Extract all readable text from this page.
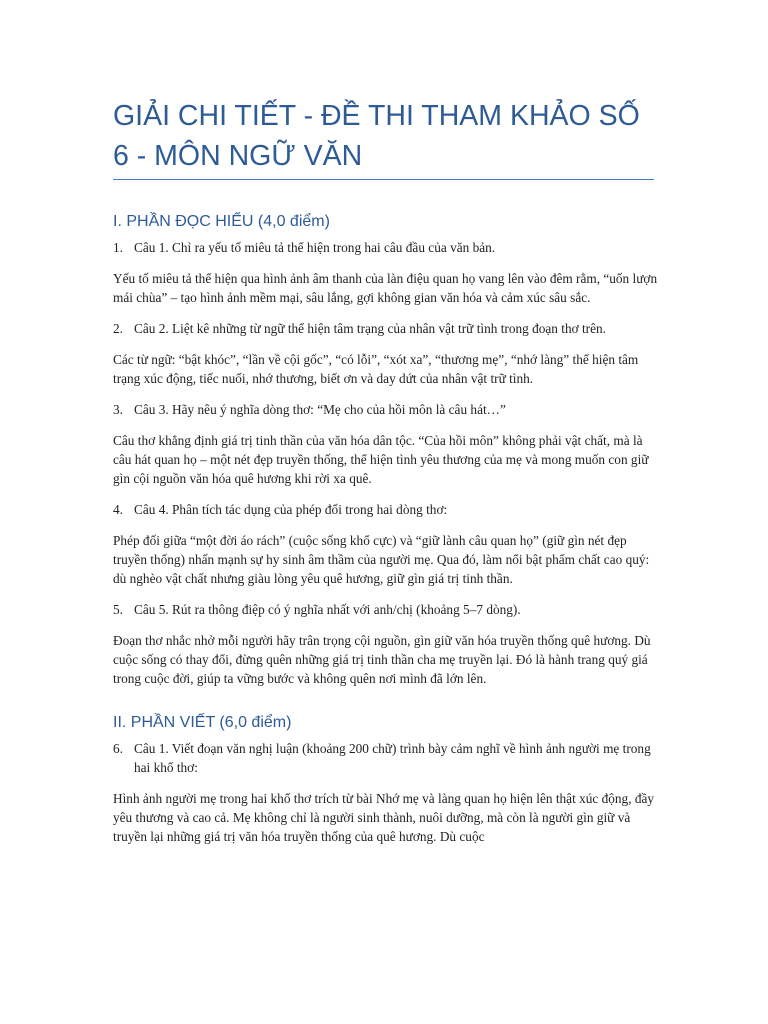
GIẢI CHI TIẾT - ĐỀ THI THAM KHẢO SỐ 6 - MÔN NGỮ VĂN
I. PHẦN ĐỌC HIỂU (4,0 điểm)
1. Câu 1. Chỉ ra yếu tố miêu tả thể hiện trong hai câu đầu của văn bản.

Yếu tố miêu tả thể hiện qua hình ảnh âm thanh của làn điệu quan họ vang lên vào đêm rằm, “uốn lượn mái chùa” – tạo hình ảnh mềm mại, sâu lắng, gợi không gian văn hóa và cảm xúc sâu sắc.

2. Câu 2. Liệt kê những từ ngữ thể hiện tâm trạng của nhân vật trữ tình trong đoạn thơ trên.

Các từ ngữ: “bật khóc”, “lần về cội gốc”, “có lỗi”, “xót xa”, “thương mẹ”, “nhớ làng” thể hiện tâm trạng xúc động, tiếc nuối, nhớ thương, biết ơn và day dứt của nhân vật trữ tình.

3. Câu 3. Hãy nêu ý nghĩa dòng thơ: “Mẹ cho của hồi môn là câu hát…”

Câu thơ khẳng định giá trị tinh thần của văn hóa dân tộc. “Của hồi môn” không phải vật chất, mà là câu hát quan họ – một nét đẹp truyền thống, thể hiện tình yêu thương của mẹ và mong muốn con giữ gìn cội nguồn văn hóa quê hương khi rời xa quê.

4. Câu 4. Phân tích tác dụng của phép đối trong hai dòng thơ:

Phép đối giữa “một đời áo rách” (cuộc sống khổ cực) và “giữ lành câu quan họ” (giữ gìn nét đẹp truyền thống) nhấn mạnh sự hy sinh âm thầm của người mẹ. Qua đó, làm nổi bật phẩm chất cao quý: dù nghèo vật chất nhưng giàu lòng yêu quê hương, giữ gìn giá trị tinh thần.

5. Câu 5. Rút ra thông điệp có ý nghĩa nhất với anh/chị (khoảng 5–7 dòng).

Đoạn thơ nhắc nhở mỗi người hãy trân trọng cội nguồn, gìn giữ văn hóa truyền thống quê hương. Dù cuộc sống có thay đổi, đừng quên những giá trị tinh thần cha mẹ truyền lại. Đó là hành trang quý giá trong cuộc đời, giúp ta vững bước và không quên nơi mình đã lớn lên.

II. PHẦN VIẾT (6,0 điểm)
6. Câu 1. Viết đoạn văn nghị luận (khoảng 200 chữ) trình bày cảm nghĩ về hình ảnh người mẹ trong hai khổ thơ:

Hình ảnh người mẹ trong hai khổ thơ trích từ bài Nhớ mẹ và làng quan họ hiện lên thật xúc động, đầy yêu thương và cao cả. Mẹ không chỉ là người sinh thành, nuôi dưỡng, mà còn là người gìn giữ và truyền lại những giá trị văn hóa truyền thống của quê hương. Dù cuộc
